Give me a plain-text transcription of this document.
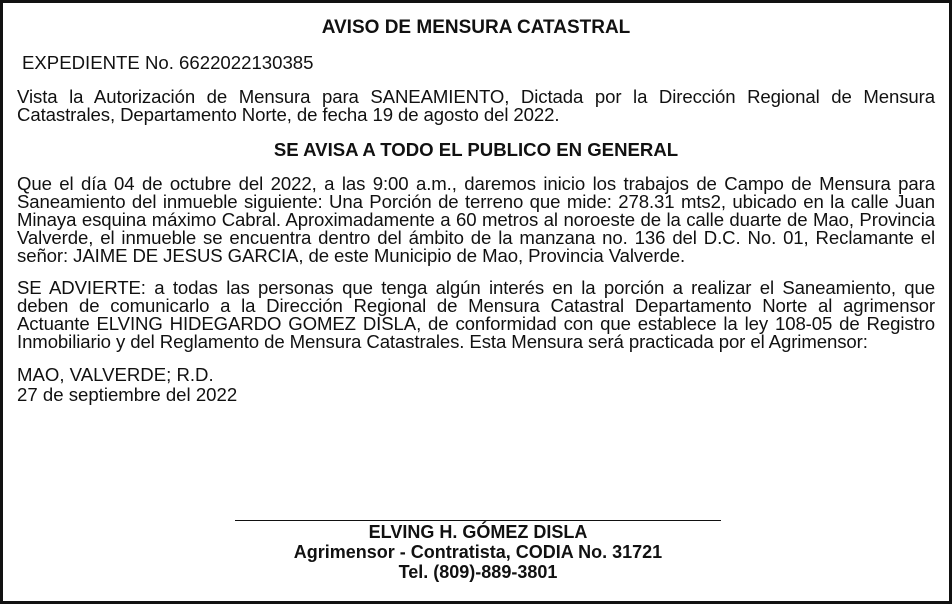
AVISO DE MENSURA CATASTRAL
EXPEDIENTE No. 6622022130385
Vista la Autorización de Mensura para SANEAMIENTO, Dictada por la Dirección Regional de Mensura Catastrales, Departamento Norte, de fecha 19 de agosto del 2022.
SE AVISA A TODO EL PUBLICO EN GENERAL
Que el día 04 de octubre del 2022, a las 9:00 a.m., daremos inicio los trabajos de Campo de Mensura para Saneamiento del inmueble siguiente: Una Porción de terreno que mide: 278.31 mts2, ubicado en la calle Juan Minaya esquina máximo Cabral. Aproximadamente a 60 metros al noroeste de la calle duarte de Mao, Provincia Valverde, el inmueble se encuentra dentro del ámbito de la manzana no. 136 del D.C. No. 01, Reclamante el señor: JAIME DE JESUS GARCIA, de este Municipio de Mao, Provincia Valverde.
SE ADVIERTE: a todas las personas que tenga algún interés en la porción a realizar el Saneamiento, que deben de comunicarlo a la Dirección Regional de Mensura Catastral Departamento Norte al agrimensor Actuante ELVING HIDEGARDO GOMEZ DISLA, de conformidad con que establece la ley 108-05 de Registro Inmobiliario y del Reglamento de Mensura Catastrales. Esta Mensura será practicada por el Agrimensor:
MAO, VALVERDE; R.D.
27 de septiembre del 2022
ELVING H. GÓMEZ DISLA
Agrimensor - Contratista, CODIA No. 31721
Tel. (809)-889-3801
